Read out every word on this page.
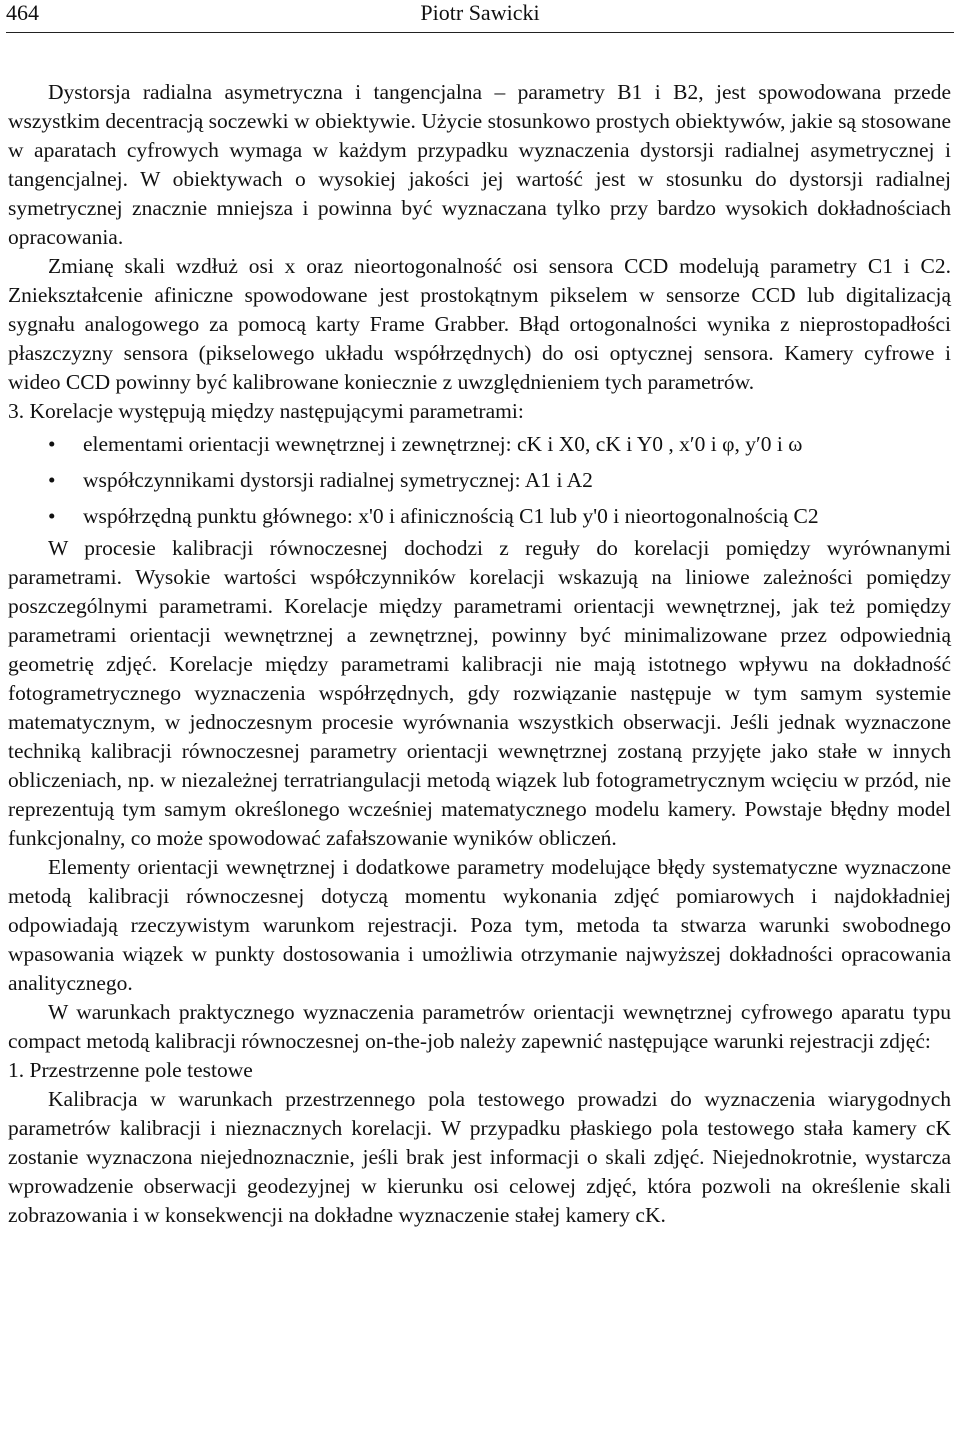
464	Piotr Sawicki

Dystorsja radialna asymetryczna i tangencjalna – parametry B1 i B2, jest spowodowana przede wszystkim decentracją soczewki w obiektywie. Użycie stosunkowo prostych obiektywów, jakie są stosowane w aparatach cyfrowych wymaga w każdym przypadku wyznaczenia dystorsji radialnej asymetrycznej i tangencjalnej. W obiektywach o wysokiej jakości jej wartość jest w stosunku do dystorsji radialnej symetrycznej znacznie mniejsza i powinna być wyznaczana tylko przy bardzo wysokich dokładnościach opracowania.

Zmianę skali wzdłuż osi x oraz nieortogonalność osi sensora CCD modelują parametry C1 i C2. Zniekształcenie afiniczne spowodowane jest prostokątnym pikselem w sensorze CCD lub digitalizacją sygnału analogowego za pomocą karty Frame Grabber. Błąd ortogonalności wynika z nieprostopadłości płaszczyzny sensora (pikselowego układu współrzędnych) do osi optycznej sensora. Kamery cyfrowe i wideo CCD powinny być kalibrowane koniecznie z uwzględnieniem tych parametrów.

3. Korelacje występują między następującymi parametrami:

• elementami orientacji wewnętrznej i zewnętrznej: cK i X0, cK i Y0 , x′0 i φ, y′0 i ω
• współczynnikami dystorsji radialnej symetrycznej: A1 i A2
• współrzędną punktu głównego: x'0 i afinicznością C1 lub y'0 i nieortogonalnością C2

W procesie kalibracji równoczesnej dochodzi z reguły do korelacji pomiędzy wyrównanymi parametrami. Wysokie wartości współczynników korelacji wskazują na liniowe zależności pomiędzy poszczególnymi parametrami. Korelacje między parametrami orientacji wewnętrznej, jak też pomiędzy parametrami orientacji wewnętrznej a zewnętrznej, powinny być minimalizowane przez odpowiednią geometrię zdjęć. Korelacje między parametrami kalibracji nie mają istotnego wpływu na dokładność fotogrametrycznego wyznaczenia współrzędnych, gdy rozwiązanie następuje w tym samym systemie matematycznym, w jednoczesnym procesie wyrównania wszystkich obserwacji. Jeśli jednak wyznaczone techniką kalibracji równoczesnej parametry orientacji wewnętrznej zostaną przyjęte jako stałe w innych obliczeniach, np. w niezależnej terratriangulacji metodą wiązek lub fotogrametrycznym wcięciu w przód, nie reprezentują tym samym określonego wcześniej matematycznego modelu kamery. Powstaje błędny model funkcjonalny, co może spowodować zafałszowanie wyników obliczeń.

Elementy orientacji wewnętrznej i dodatkowe parametry modelujące błędy systematyczne wyznaczone metodą kalibracji równoczesnej dotyczą momentu wykonania zdjęć pomiarowych i najdokładniej odpowiadają rzeczywistym warunkom rejestracji. Poza tym, metoda ta stwarza warunki swobodnego wpasowania wiązek w punkty dostosowania i umożliwia otrzymanie najwyższej dokładności opracowania analitycznego.

W warunkach praktycznego wyznaczenia parametrów orientacji wewnętrznej cyfrowego aparatu typu compact metodą kalibracji równoczesnej on-the-job należy zapewnić następujące warunki rejestracji zdjęć:

1. Przestrzenne pole testowe

Kalibracja w warunkach przestrzennego pola testowego prowadzi do wyznaczenia wiarygodnych parametrów kalibracji i nieznacznych korelacji. W przypadku płaskiego pola testowego stała kamery cK zostanie wyznaczona niejednoznacznie, jeśli brak jest informacji o skali zdjęć. Niejednokrotnie, wystarcza wprowadzenie obserwacji geodezyjnej w kierunku osi celowej zdjęć, która pozwoli na określenie skali zobrazowania i w konsekwencji na dokładne wyznaczenie stałej kamery cK.
